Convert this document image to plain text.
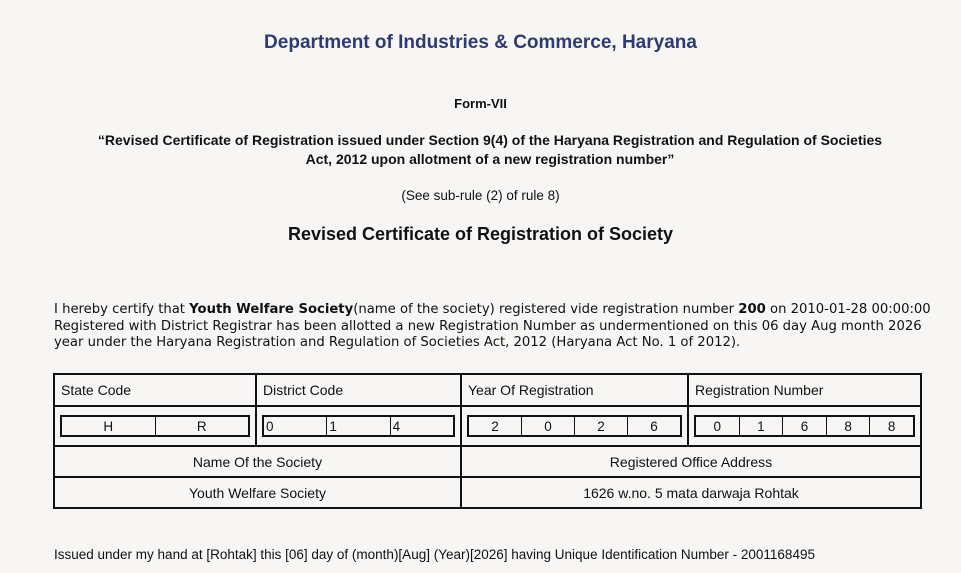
Department of Industries & Commerce, Haryana
Form-VII
“Revised Certificate of Registration issued under Section 9(4) of the Haryana Registration and Regulation of Societies
Act, 2012 upon allotment of a new registration number”
(See sub-rule (2) of rule 8)
Revised Certificate of Registration of Society
I hereby certify that Youth Welfare Society(name of the society) registered vide registration number 200 on 2010-01-28 00:00:00 Registered with District Registrar has been allotted a new Registration Number as undermentioned on this 06 day Aug month 2026 year under the Haryana Registration and Regulation of Societies Act, 2012 (Haryana Act No. 1 of 2012).
State Code	District Code	Year Of Registration	Registration Number

H R	0 1 4	2 0 2 6	0 1 6 8 8

Name Of the Society		Registered Office Address	
Youth Welfare Society		1626 w.no. 5 mata darwaja Rohtak	
Issued under my hand at [Rohtak] this [06] day of (month)[Aug] (Year)[2026] having Unique Identification Number - 2001168495
